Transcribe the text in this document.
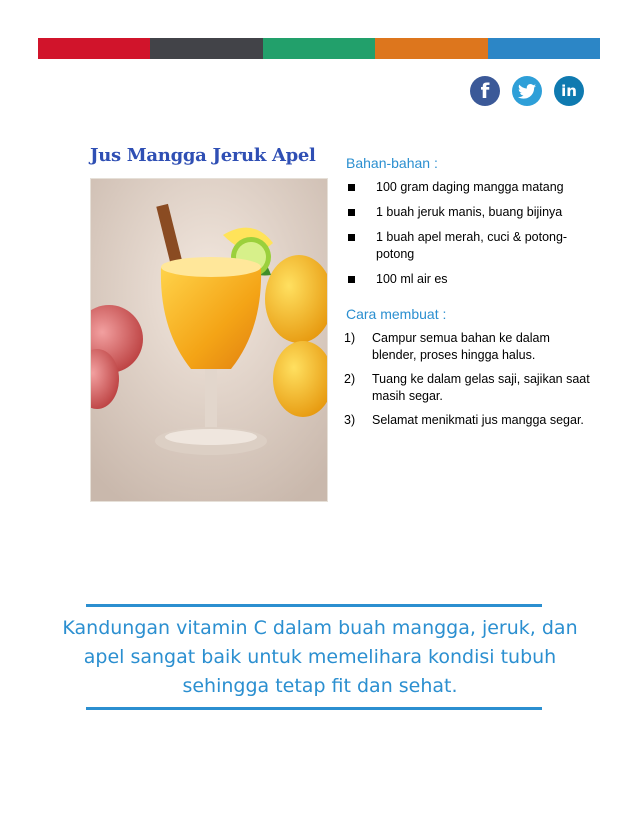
f	in
Jus Mangga Jeruk Apel Bahan-bahan :
100 gram daging mangga matang
1 buah jeruk manis, buang bijinya
1 buah apel merah, cuci & potong-potong
100 ml air es
Cara membuat :
1) Campur semua bahan ke dalam blender, proses hingga halus.
2) Tuang ke dalam gelas saji, sajikan saat masih segar.
3) Selamat menikmati jus mangga segar.
Kandungan vitamin C dalam buah mangga, jeruk, dan apel sangat baik untuk memelihara kondisi tubuh sehingga tetap fit dan sehat.
